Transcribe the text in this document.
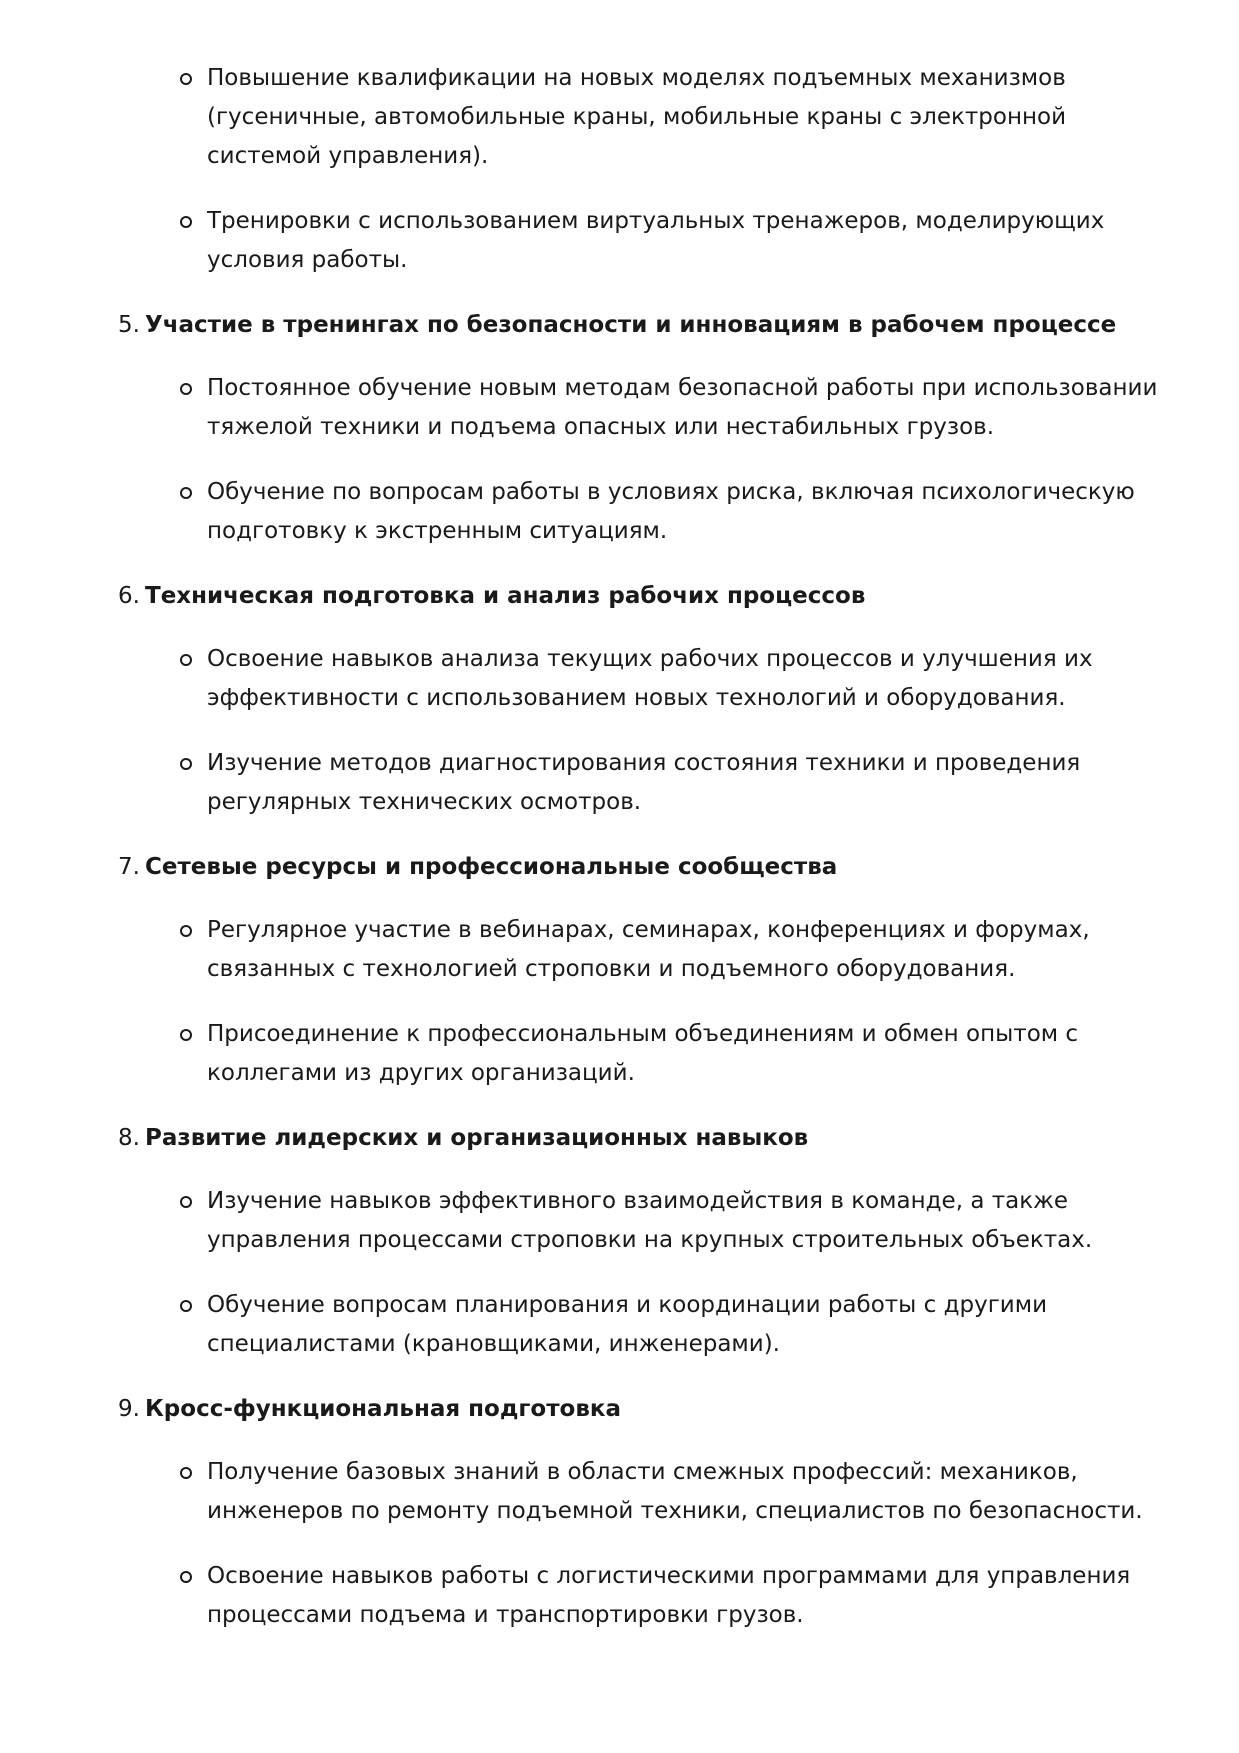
Повышение квалификации на новых моделях подъемных механизмов (гусеничные, автомобильные краны, мобильные краны с электронной системой управления).
Тренировки с использованием виртуальных тренажеров, моделирующих условия работы.
5. Участие в тренингах по безопасности и инновациям в рабочем процессе
Постоянное обучение новым методам безопасной работы при использовании тяжелой техники и подъема опасных или нестабильных грузов.
Обучение по вопросам работы в условиях риска, включая психологическую подготовку к экстренным ситуациям.
6. Техническая подготовка и анализ рабочих процессов
Освоение навыков анализа текущих рабочих процессов и улучшения их эффективности с использованием новых технологий и оборудования.
Изучение методов диагностирования состояния техники и проведения регулярных технических осмотров.
7. Сетевые ресурсы и профессиональные сообщества
Регулярное участие в вебинарах, семинарах, конференциях и форумах, связанных с технологией строповки и подъемного оборудования.
Присоединение к профессиональным объединениям и обмен опытом с коллегами из других организаций.
8. Развитие лидерских и организационных навыков
Изучение навыков эффективного взаимодействия в команде, а также управления процессами строповки на крупных строительных объектах.
Обучение вопросам планирования и координации работы с другими специалистами (крановщиками, инженерами).
9. Кросс-функциональная подготовка
Получение базовых знаний в области смежных профессий: механиков, инженеров по ремонту подъемной техники, специалистов по безопасности.
Освоение навыков работы с логистическими программами для управления процессами подъема и транспортировки грузов.
